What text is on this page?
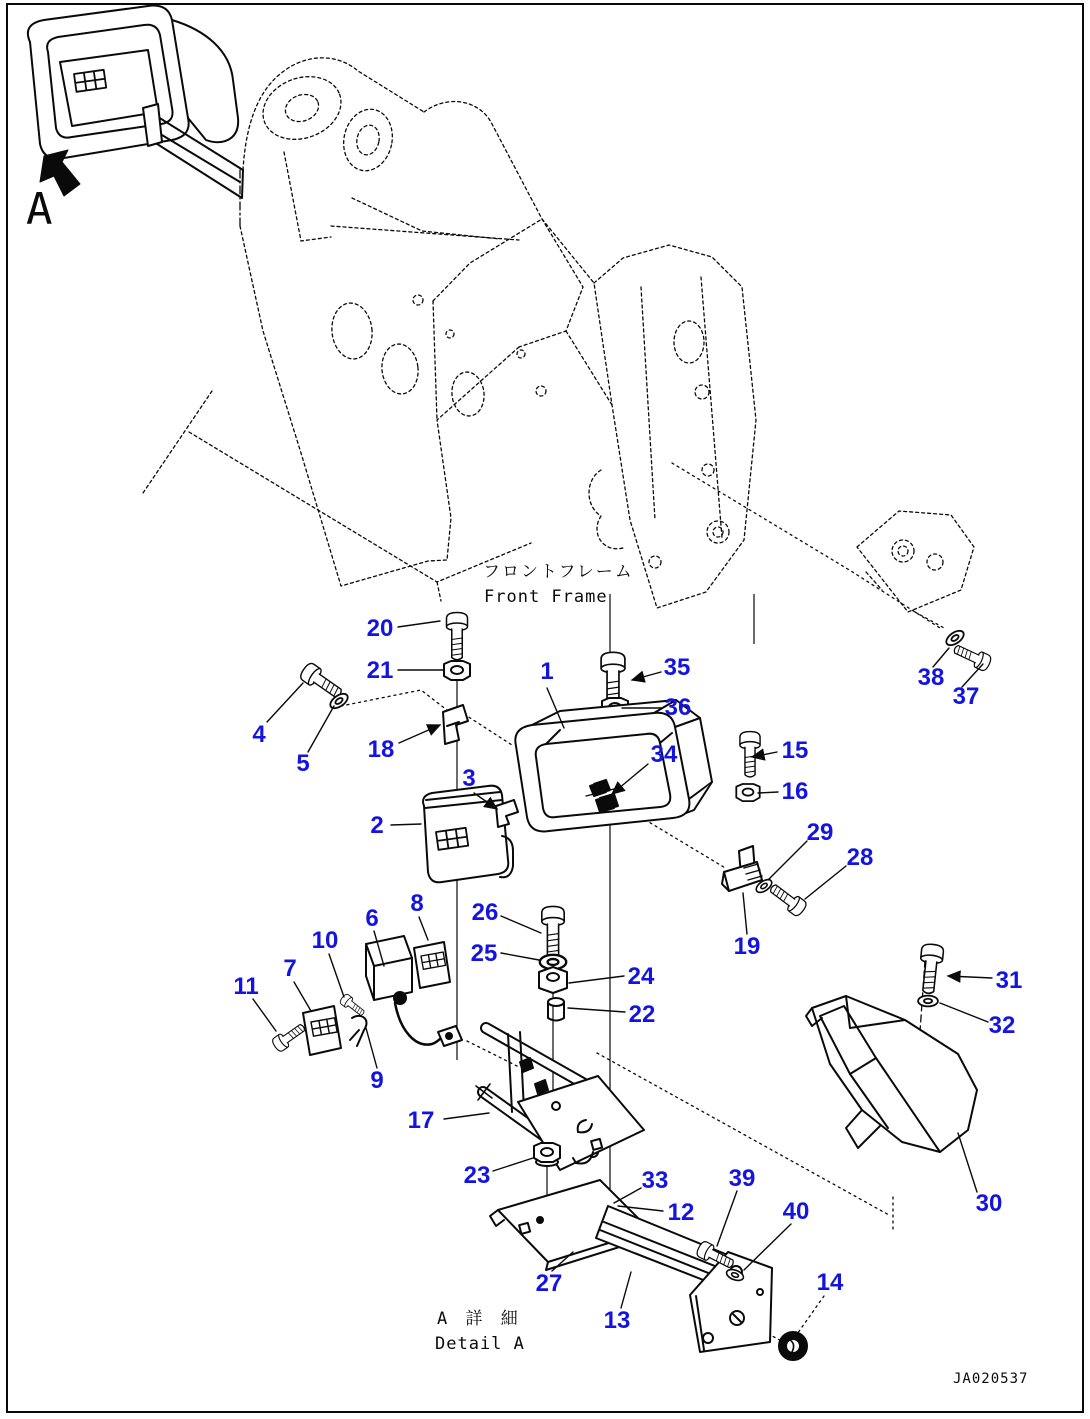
A
フロントフレーム
Front Frame
A 詳 細
Detail A
JA020537
1
2
3
4
5
6
7
8
9
10
11
12
13
14
15
16
17
18
19
20
21
22
23
24
25
26
27
28
29
30
31
32
33
34
35
36	37
38
39
40
